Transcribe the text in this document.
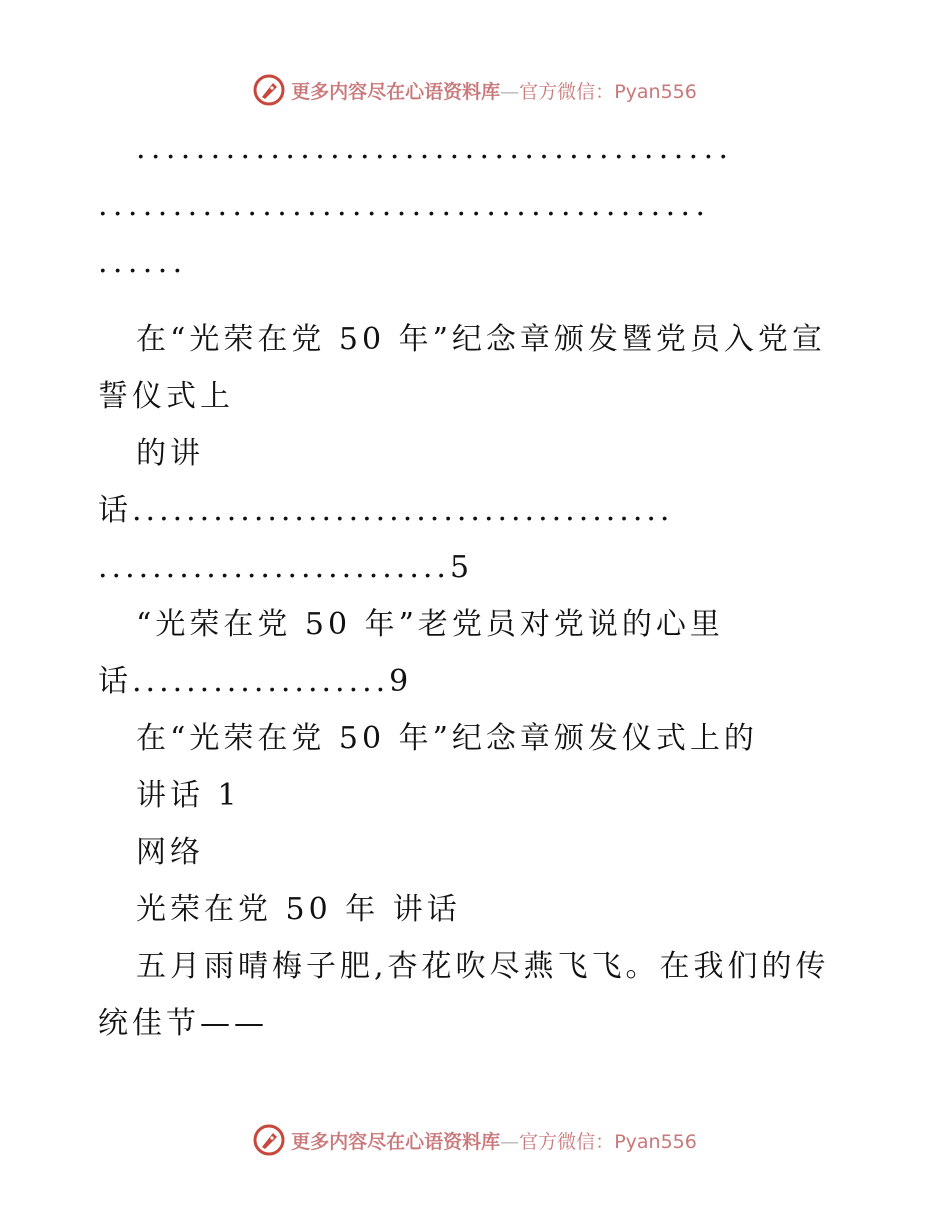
更多内容尽在心语资料库—官方微信：Pyan556
........................................
.........................................
......
在“光荣在党 50 年”纪念章颁发暨党员入党宣
誓仪式上
的讲
话........................................
..........................5
“光荣在党 50 年”老党员对党说的心里
话...................9
在“光荣在党 50 年”纪念章颁发仪式上的
讲话 1
网络
光荣在党 50 年 讲话
五月雨晴梅子肥,杏花吹尽燕飞飞。在我们的传
统佳节——
更多内容尽在心语资料库—官方微信：Pyan556
